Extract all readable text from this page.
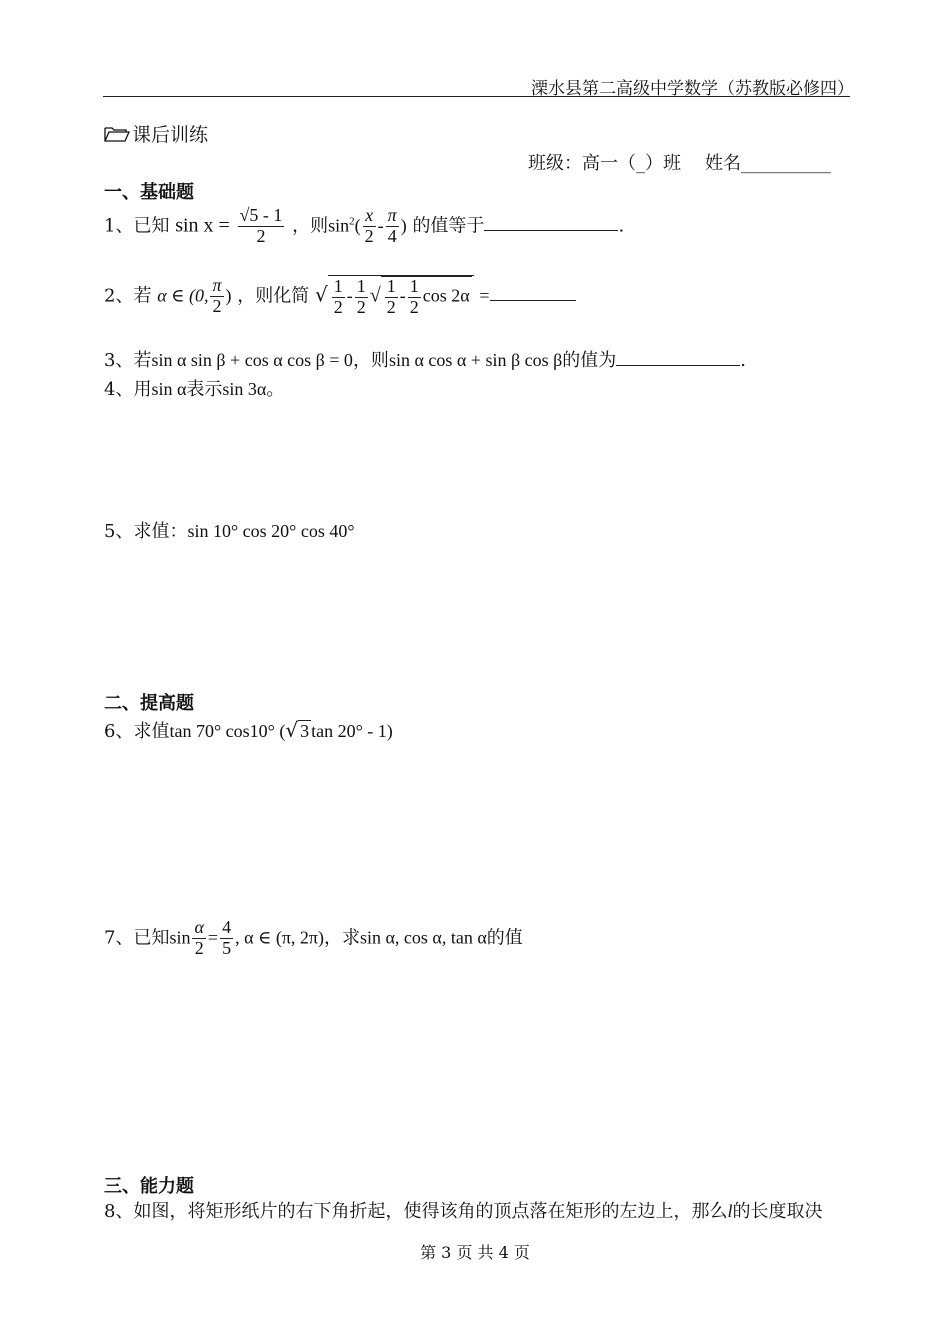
溧水县第二高级中学数学（苏教版必修四）
课后训练
班级：高一（_）班 姓名__________
一、基础题
1、已知 $\sin x = \frac{√5 - 1}{2}$ ，则$\sin^2( \frac{x}{2} - \frac{\pi}{4}$ ) 的值等于	.
2、若 α ∈ (0, $\frac{\pi}{2}$ ) ，则化简 √ $\frac{1}{2} - \frac{1}{2}$ √ $\frac{1}{2} - \frac{1}{2}$ cos 2α =
3、若sin α sin β + cos α cos β = 0，则sin α cos α + sin β cos β的值为	.
4、用sin α表示sin 3α。
5、求值：sin 10° cos 20° cos 40°
二、提高题
6、求值tan 70° cos10° (√ 3 tan 20° - 1)
7、已知$\sin \frac{\alpha}{2} = \frac{4}{5}$ , α ∈ (π, 2π)，求sin α, cos α, tan α的值
三、能力题
8、如图，将矩形纸片的右下角折起，使得该角的顶点落在矩形的左边上，那么l的长度取决
第 3 页 共 4 页
